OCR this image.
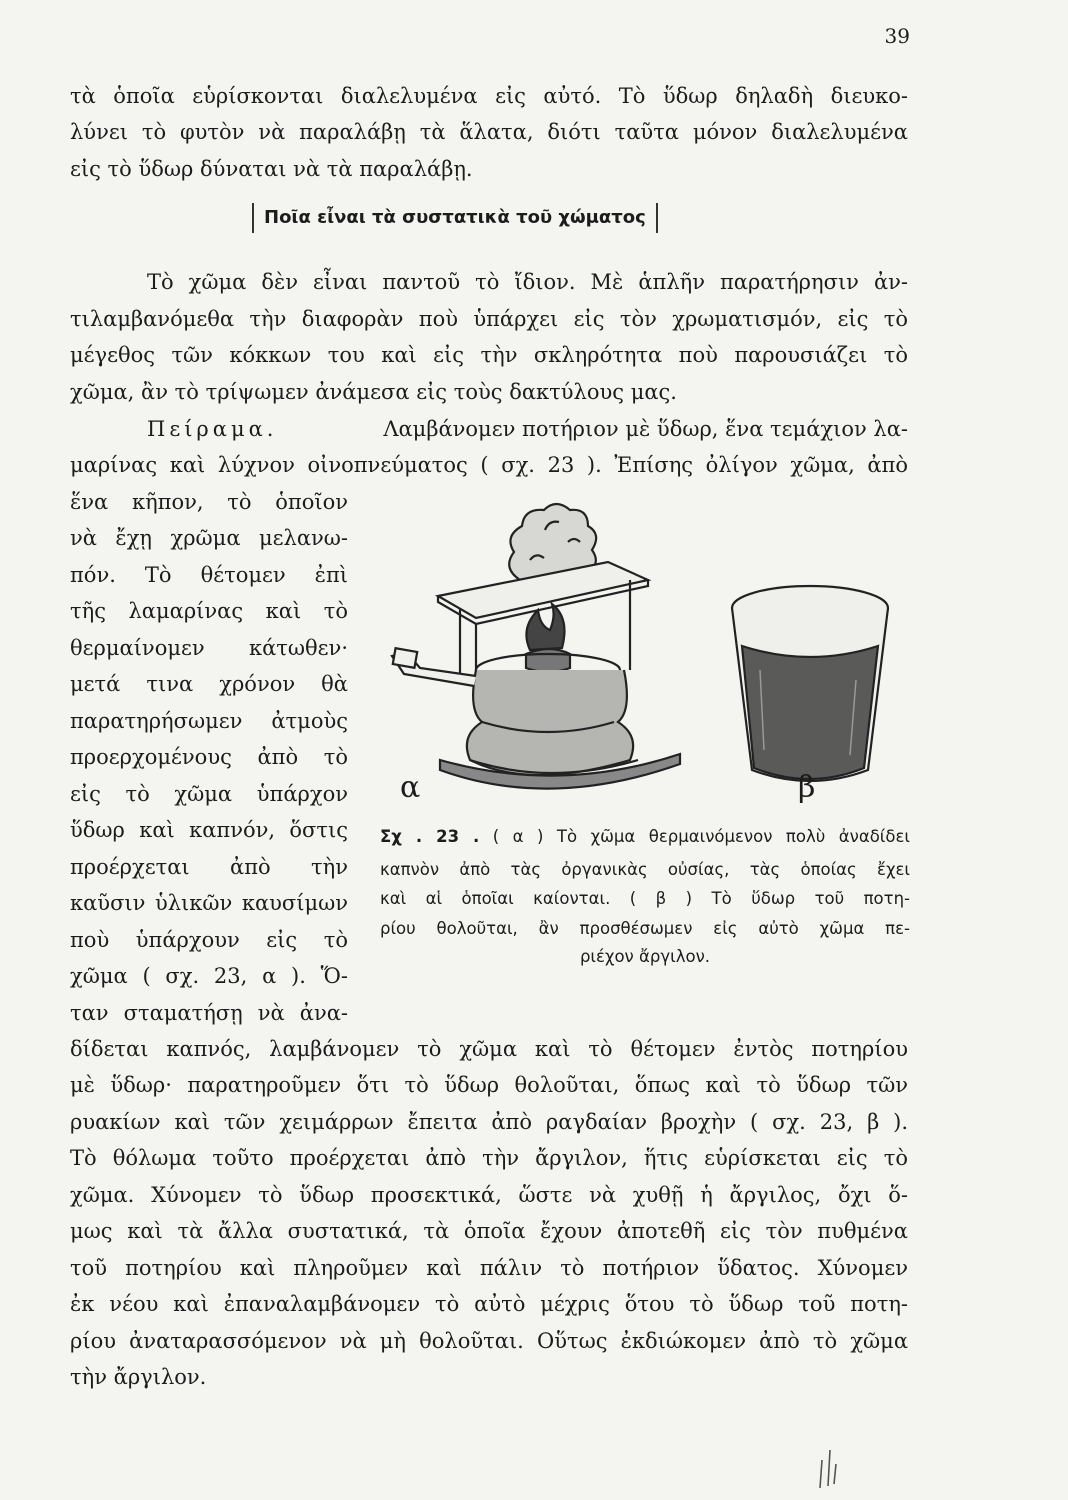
39
τὰ ὁποῖα εὑρίσκονται διαλελυμένα εἰς αὐτό. Τὸ ὕδωρ δηλαδὴ διευκο-
λύνει τὸ φυτὸν νὰ παραλάβῃ τὰ ἅλατα, διότι ταῦτα μόνον διαλελυμένα
εἰς τὸ ὕδωρ δύναται νὰ τὰ παραλάβῃ.
Ποῖα εἶναι τὰ συστατικὰ τοῦ χώματος
Τὸ χῶμα δὲν εἶναι παντοῦ τὸ ἴδιον. Μὲ ἁπλῆν παρατήρησιν ἀν-
τιλαμβανόμεθα τὴν διαφορὰν ποὺ ὑπάρχει εἰς τὸν χρωματισμόν, εἰς τὸ
μέγεθος τῶν κόκκων του καὶ εἰς τὴν σκληρότητα ποὺ παρουσιάζει τὸ
χῶμα, ἂν τὸ τρίψωμεν ἀνάμεσα εἰς τοὺς δακτύλους μας.
Πείραμα.	Λαμβάνομεν ποτήριον μὲ ὕδωρ, ἕνα τεμάχιον λα-
μαρίνας καὶ λύχνον οἰνοπνεύματος ( σχ. 23 ). Ἐπίσης ὀλίγον χῶμα, ἀπὸ
ἕνα κῆπον, τὸ ὁποῖον
νὰ ἔχῃ χρῶμα μελανω-
πόν. Τὸ θέτομεν ἐπὶ
τῆς λαμαρίνας καὶ τὸ
θερμαίνομεν κάτωθεν·
μετά τινα χρόνον θὰ
παρατηρήσωμεν ἀτμοὺς
προερχομένους ἀπὸ τὸ
εἰς τὸ χῶμα ὑπάρχον
ὕδωρ καὶ καπνόν, ὅστις
προέρχεται ἀπὸ τὴν
καῦσιν ὑλικῶν καυσίμων
ποὺ ὑπάρχουν εἰς τὸ
χῶμα ( σχ. 23, α ). Ὅ-
ταν σταματήσῃ νὰ ἀνα-
α	β
Σχ . 23 . ( α ) Τὸ χῶμα θερμαινόμενον πολὺ ἀναδίδει
καπνὸν ἀπὸ τὰς ὀργανικὰς οὐσίας, τὰς ὁποίας ἔχει
καὶ αἱ ὁποῖαι καίονται. ( β ) Τὸ ὕδωρ τοῦ ποτη-
ρίου θολοῦται, ἂν προσθέσωμεν εἰς αὐτὸ χῶμα πε-
ριέχον ἄργιλον.
δίδεται καπνός, λαμβάνομεν τὸ χῶμα καὶ τὸ θέτομεν ἐντὸς ποτηρίου
μὲ ὕδωρ· παρατηροῦμεν ὅτι τὸ ὕδωρ θολοῦται, ὅπως καὶ τὸ ὕδωρ τῶν
ρυακίων καὶ τῶν χειμάρρων ἔπειτα ἀπὸ ραγδαίαν βροχὴν ( σχ. 23, β ).
Τὸ θόλωμα τοῦτο προέρχεται ἀπὸ τὴν ἄργιλον, ἥτις εὑρίσκεται εἰς τὸ
χῶμα. Χύνομεν τὸ ὕδωρ προσεκτικά, ὥστε νὰ χυθῇ ἡ ἄργιλος, ὄχι ὅ-
μως καὶ τὰ ἄλλα συστατικά, τὰ ὁποῖα ἔχουν ἀποτεθῆ εἰς τὸν πυθμένα
τοῦ ποτηρίου καὶ πληροῦμεν καὶ πάλιν τὸ ποτήριον ὕδατος. Χύνομεν
ἐκ νέου καὶ ἐπαναλαμβάνομεν τὸ αὐτὸ μέχρις ὅτου τὸ ὕδωρ τοῦ ποτη-
ρίου ἀναταρασσόμενον νὰ μὴ θολοῦται. Οὕτως ἐκδιώκομεν ἀπὸ τὸ χῶμα
τὴν ἄργιλον.
